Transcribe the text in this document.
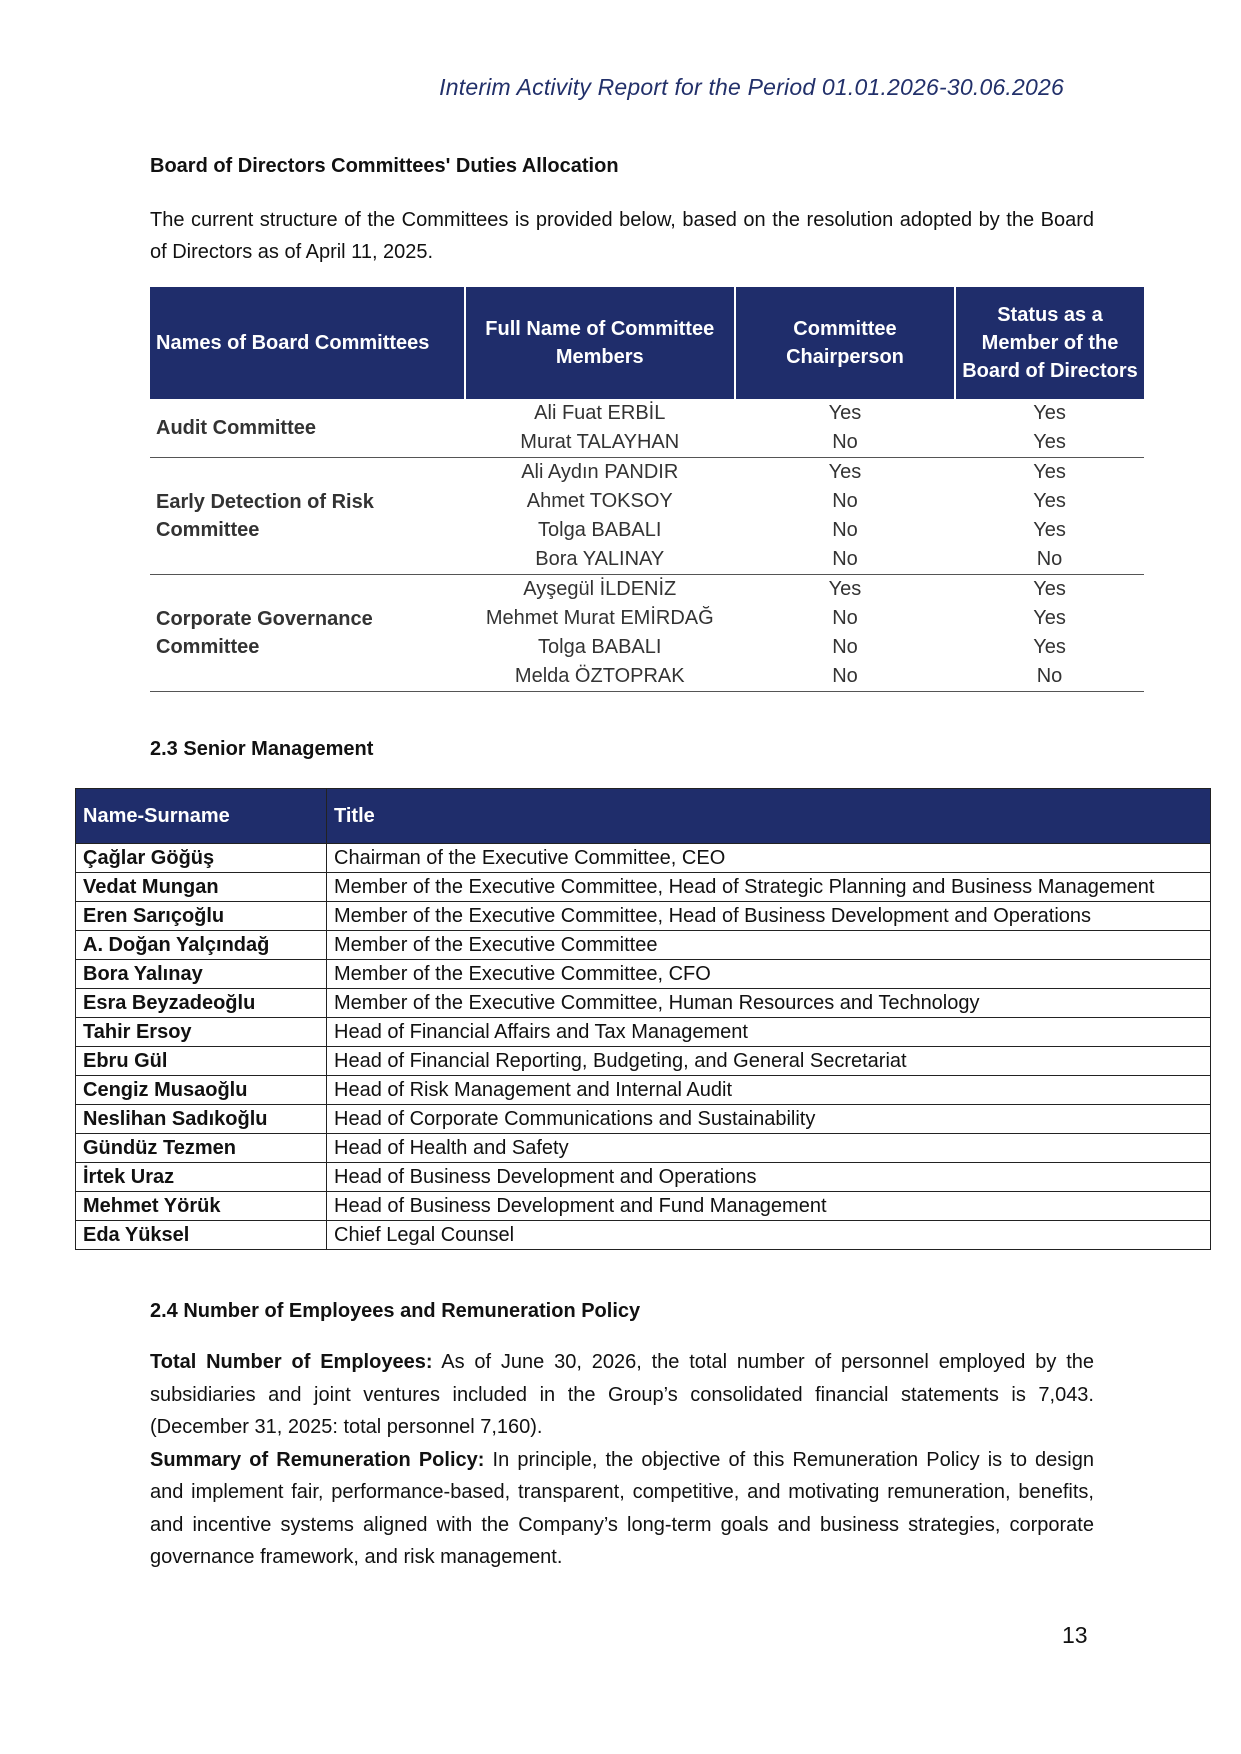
Interim Activity Report for the Period 01.01.2026-30.06.2026
Board of Directors Committees' Duties Allocation
The current structure of the Committees is provided below, based on the resolution adopted by the Board of Directors as of April 11, 2025.
Names of Board Committees	Full Name of Committee Members	Committee Chairperson	Status as a Member of the Board of Directors
Audit Committee	Ali Fuat ERBİL	Yes	Yes
	Murat TALAYHAN	No	Yes
Early Detection of Risk Committee	Ali Aydın PANDIR	Yes	Yes
	Ahmet TOKSOY	No	Yes
	Tolga BABALI	No	Yes
	Bora YALINAY	No	No
Corporate Governance Committee	Ayşegül İLDENİZ	Yes	Yes
	Mehmet Murat EMİRDAĞ	No	Yes
	Tolga BABALI	No	Yes
	Melda ÖZTOPRAK	No	No
2.3 Senior Management
Name-Surname	Title
Çağlar Göğüş	Chairman of the Executive Committee, CEO
Vedat Mungan	Member of the Executive Committee, Head of Strategic Planning and Business Management
Eren Sarıçoğlu	Member of the Executive Committee, Head of Business Development and Operations
A. Doğan Yalçındağ	Member of the Executive Committee
Bora Yalınay	Member of the Executive Committee, CFO
Esra Beyzadeoğlu	Member of the Executive Committee, Human Resources and Technology
Tahir Ersoy	Head of Financial Affairs and Tax Management
Ebru Gül	Head of Financial Reporting, Budgeting, and General Secretariat
Cengiz Musaoğlu	Head of Risk Management and Internal Audit
Neslihan Sadıkoğlu	Head of Corporate Communications and Sustainability
Gündüz Tezmen	Head of Health and Safety
İrtek Uraz	Head of Business Development and Operations
Mehmet Yörük	Head of Business Development and Fund Management
Eda Yüksel	Chief Legal Counsel
2.4 Number of Employees and Remuneration Policy

Total Number of Employees: As of June 30, 2026, the total number of personnel employed by the subsidiaries and joint ventures included in the Group’s consolidated financial statements is 7,043. (December 31, 2025: total personnel 7,160).

Summary of Remuneration Policy: In principle, the objective of this Remuneration Policy is to design and implement fair, performance-based, transparent, competitive, and motivating remuneration, benefits, and incentive systems aligned with the Company’s long-term goals and business strategies, corporate governance framework, and risk management.

13
